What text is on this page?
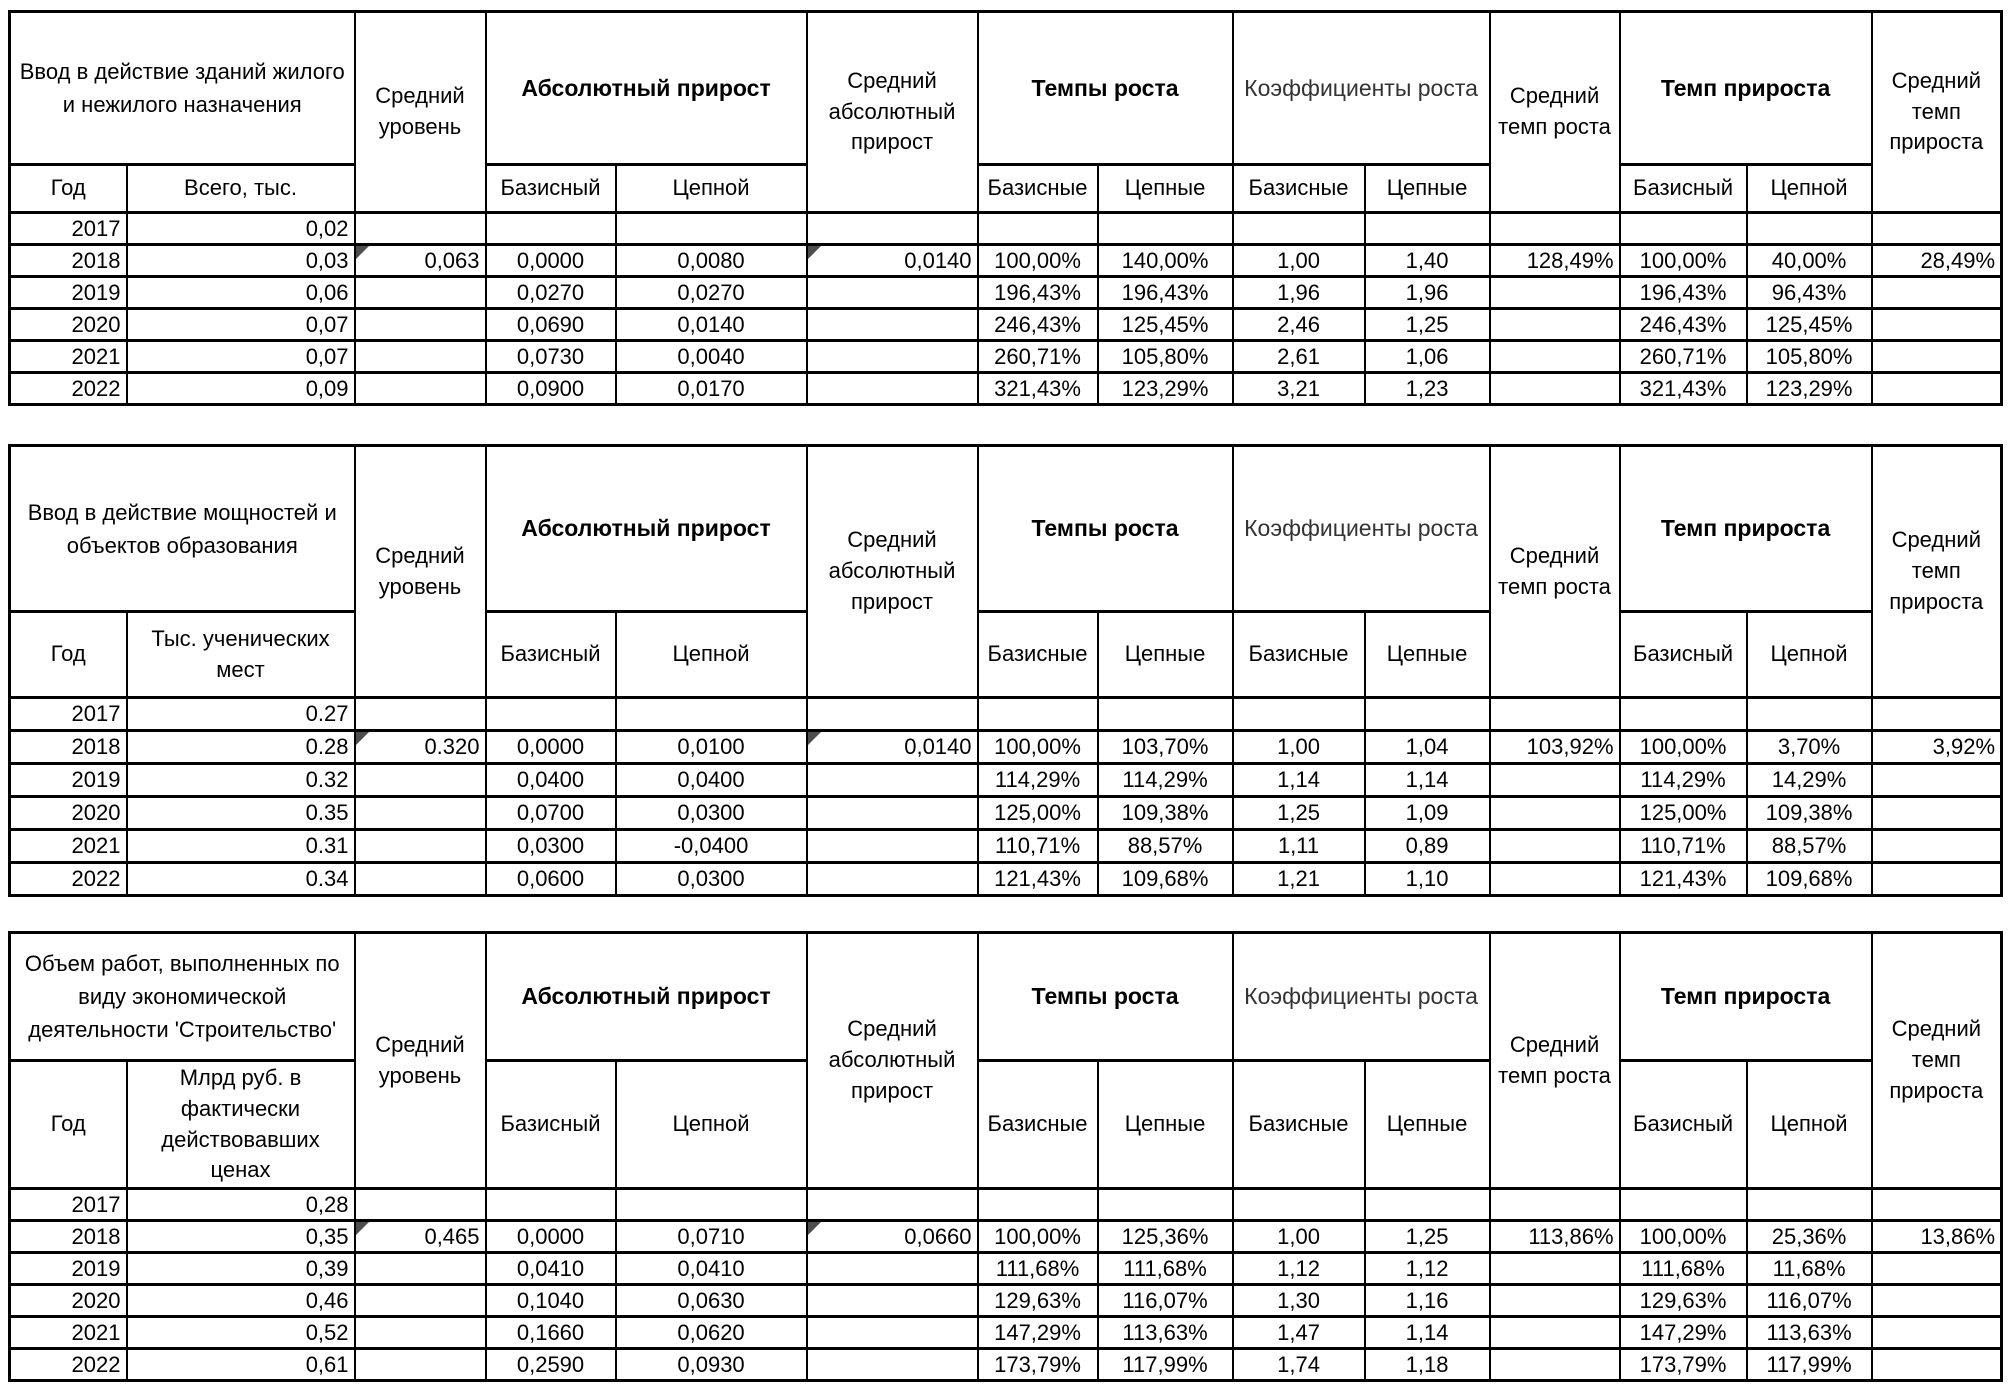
Ввод в действие зданий жилого и нежилого назначения		Средний уровень	Абсолютный прирост		Средний абсолютный прирост	Темпы роста		Коэффициенты роста		Средний темп роста	Темп прироста		Средний темп прироста
Год	Всего, тыс.		Базисный	Цепной		Базисные	Цепные	Базисные	Цепные		Базисный	Цепной	
2017	0,02												
2018	0,03	0,063	0,0000	0,0080	0,0140	100,00%	140,00%	1,00	1,40	128,49%	100,00%	40,00%	28,49%
2019	0,06		0,0270	0,0270		196,43%	196,43%	1,96	1,96		196,43%	96,43%	
2020	0,07		0,0690	0,0140		246,43%	125,45%	2,46	1,25		246,43%	125,45%	
2021	0,07		0,0730	0,0040		260,71%	105,80%	2,61	1,06		260,71%	105,80%	
2022	0,09		0,0900	0,0170		321,43%	123,29%	3,21	1,23		321,43%	123,29%	
Ввод в действие мощностей и объектов образования		Средний уровень	Абсолютный прирост		Средний абсолютный прирост	Темпы роста		Коэффициенты роста		Средний темп роста	Темп прироста		Средний темп прироста
Год	Тыс. ученических мест		Базисный	Цепной		Базисные	Цепные	Базисные	Цепные		Базисный	Цепной	
2017	0.27												
2018	0.28	0.320	0,0000	0,0100	0,0140	100,00%	103,70%	1,00	1,04	103,92%	100,00%	3,70%	3,92%
2019	0.32		0,0400	0,0400		114,29%	114,29%	1,14	1,14		114,29%	14,29%	
2020	0.35		0,0700	0,0300		125,00%	109,38%	1,25	1,09		125,00%	109,38%	
2021	0.31		0,0300	-0,0400		110,71%	88,57%	1,11	0,89		110,71%	88,57%	
2022	0.34		0,0600	0,0300		121,43%	109,68%	1,21	1,10		121,43%	109,68%	
Объем работ, выполненных по виду экономической деятельности 'Строительство'		Средний уровень	Абсолютный прирост		Средний абсолютный прирост	Темпы роста		Коэффициенты роста		Средний темп роста	Темп прироста		Средний темп прироста
Год	Млрд руб. в фактически действовавших ценах		Базисный	Цепной		Базисные	Цепные	Базисные	Цепные		Базисный	Цепной	
2017	0,28												
2018	0,35	0,465	0,0000	0,0710	0,0660	100,00%	125,36%	1,00	1,25	113,86%	100,00%	25,36%	13,86%
2019	0,39		0,0410	0,0410		111,68%	111,68%	1,12	1,12		111,68%	11,68%	
2020	0,46		0,1040	0,0630		129,63%	116,07%	1,30	1,16		129,63%	116,07%	
2021	0,52		0,1660	0,0620		147,29%	113,63%	1,47	1,14		147,29%	113,63%	
2022	0,61		0,2590	0,0930		173,79%	117,99%	1,74	1,18		173,79%	117,99%	
